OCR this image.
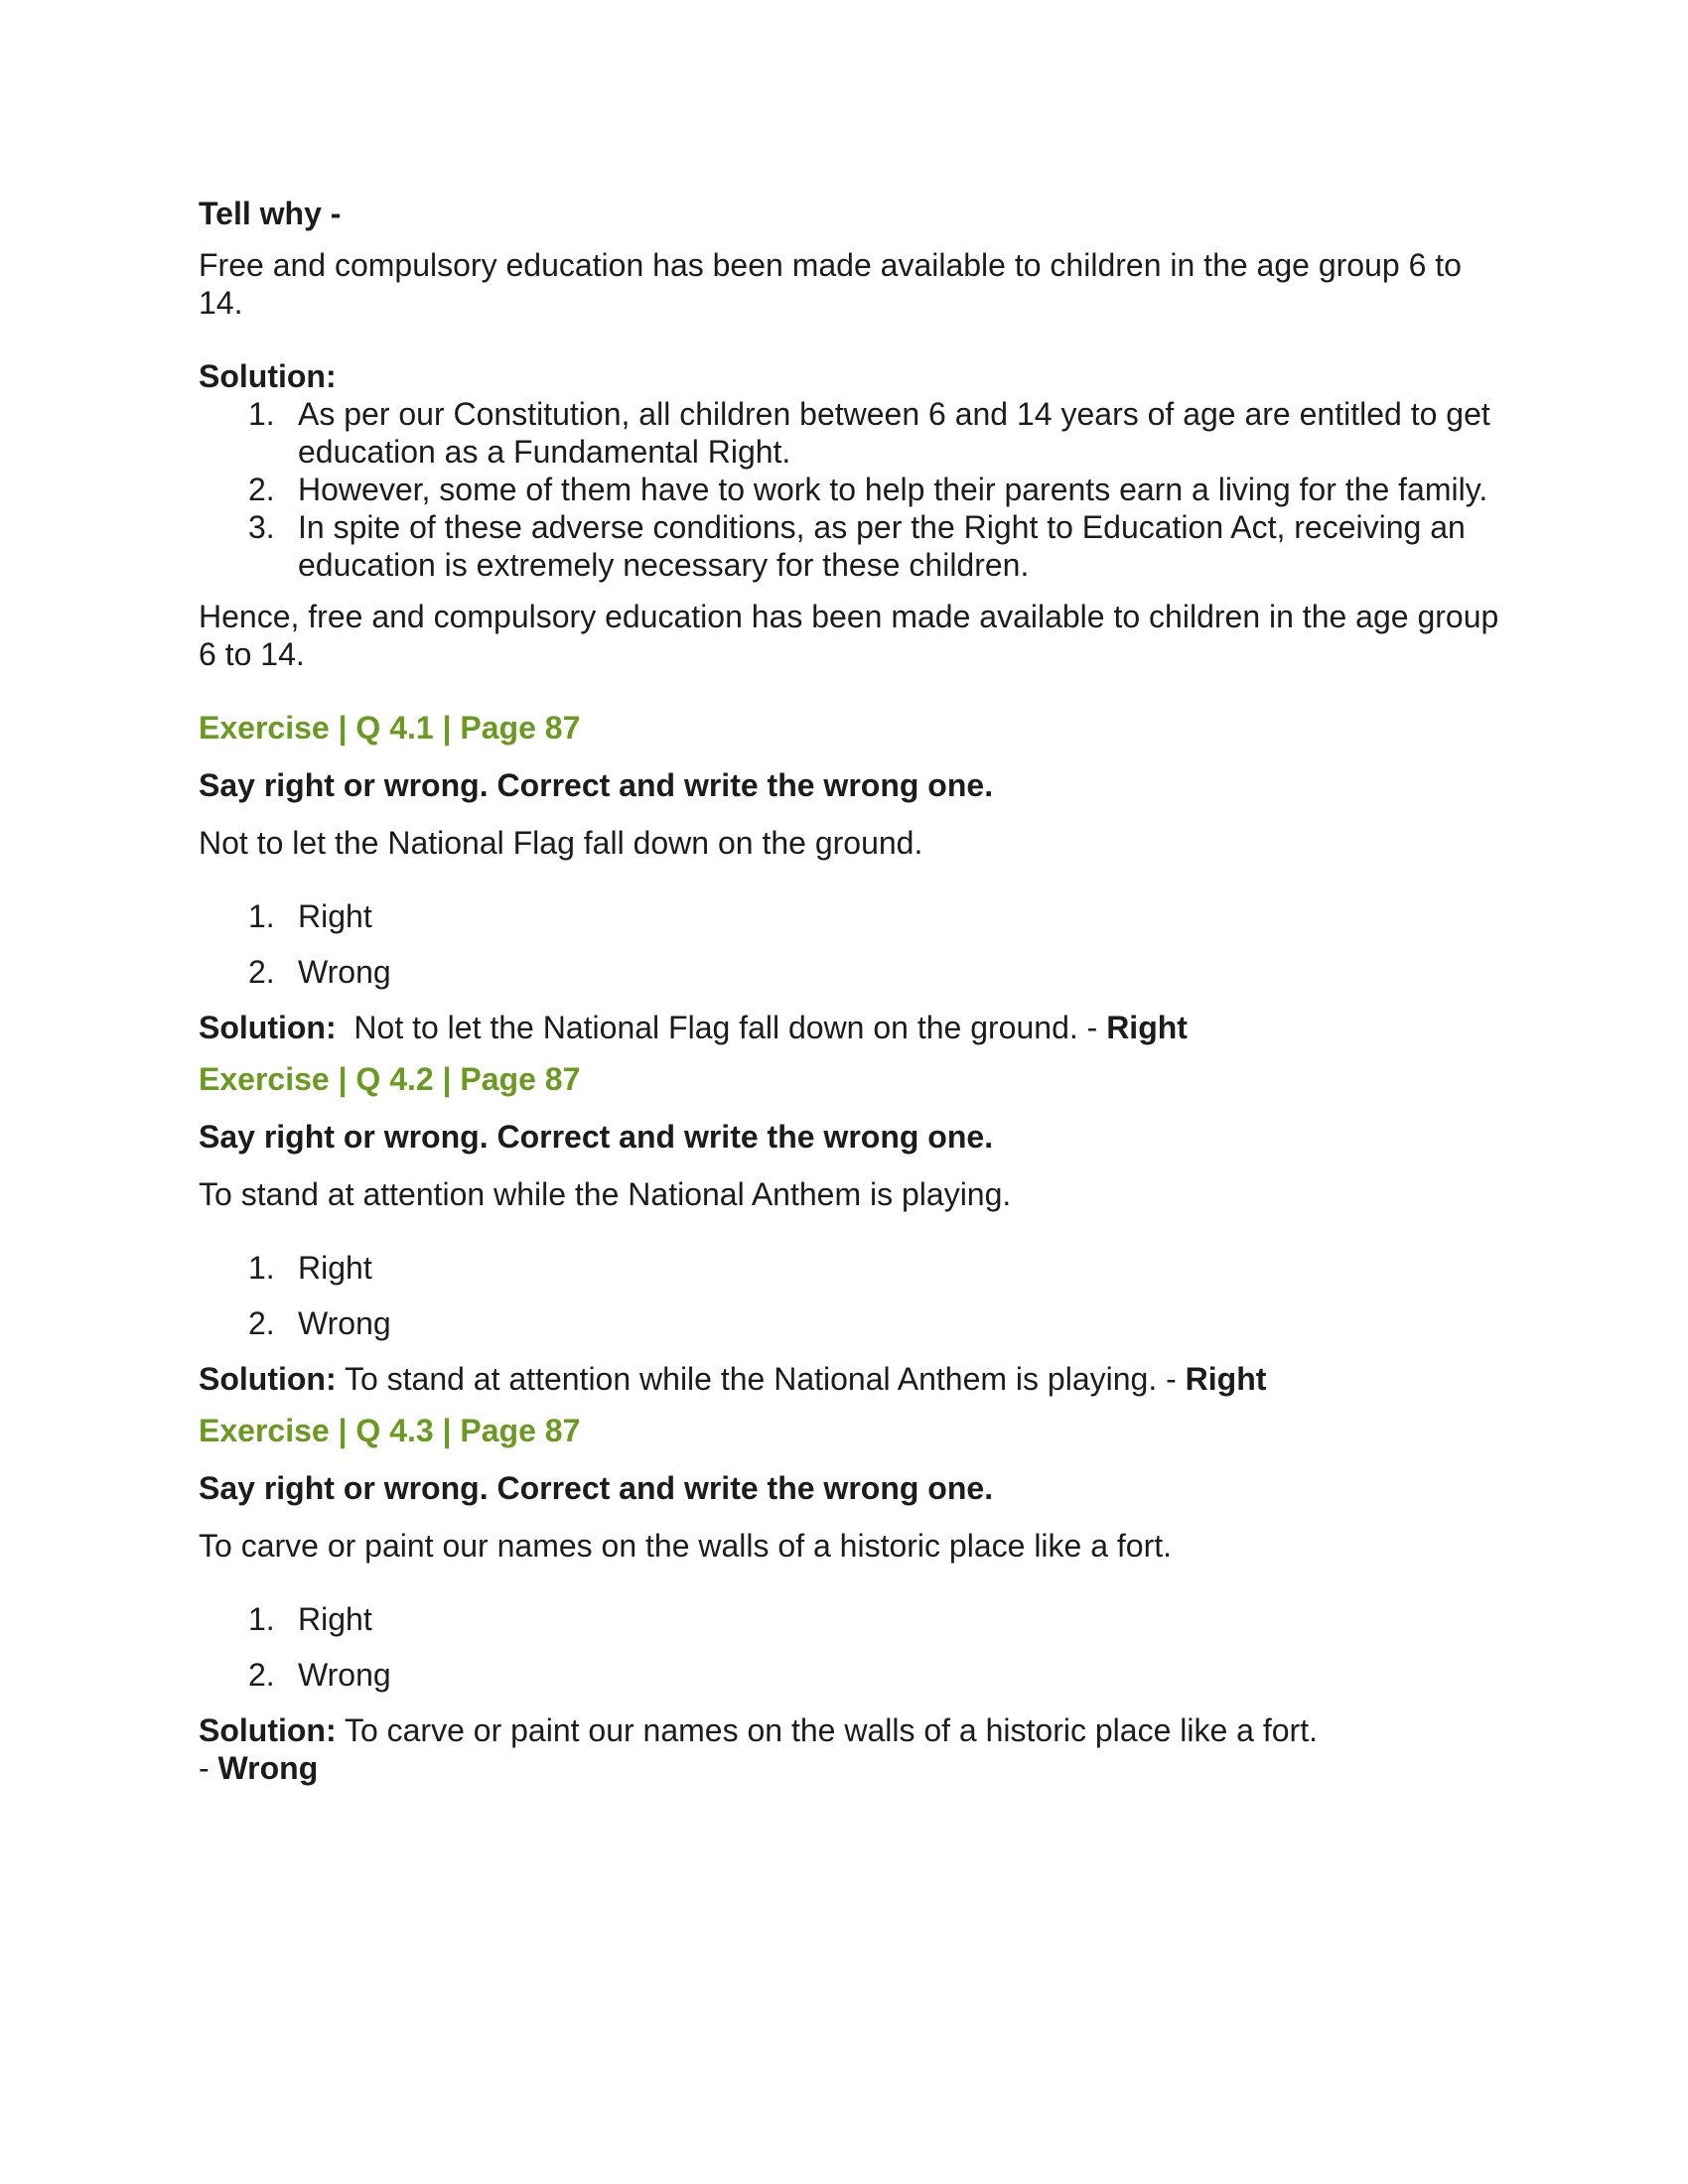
Tell why -

Free and compulsory education has been made available to children in the age group 6 to 14.

Solution:

1. As per our Constitution, all children between 6 and 14 years of age are entitled to get education as a Fundamental Right.
2. However, some of them have to work to help their parents earn a living for the family.
3. In spite of these adverse conditions, as per the Right to Education Act, receiving an education is extremely necessary for these children.

Hence, free and compulsory education has been made available to children in the age group 6 to 14.

Exercise | Q 4.1 | Page 87

Say right or wrong. Correct and write the wrong one.

Not to let the National Flag fall down on the ground.

1. Right
2. Wrong

Solution: Not to let the National Flag fall down on the ground. - Right

Exercise | Q 4.2 | Page 87

Say right or wrong. Correct and write the wrong one.

To stand at attention while the National Anthem is playing.

1. Right
2. Wrong

Solution: To stand at attention while the National Anthem is playing. - Right

Exercise | Q 4.3 | Page 87

Say right or wrong. Correct and write the wrong one.

To carve or paint our names on the walls of a historic place like a fort.

1. Right
2. Wrong

Solution: To carve or paint our names on the walls of a historic place like a fort.
- Wrong
